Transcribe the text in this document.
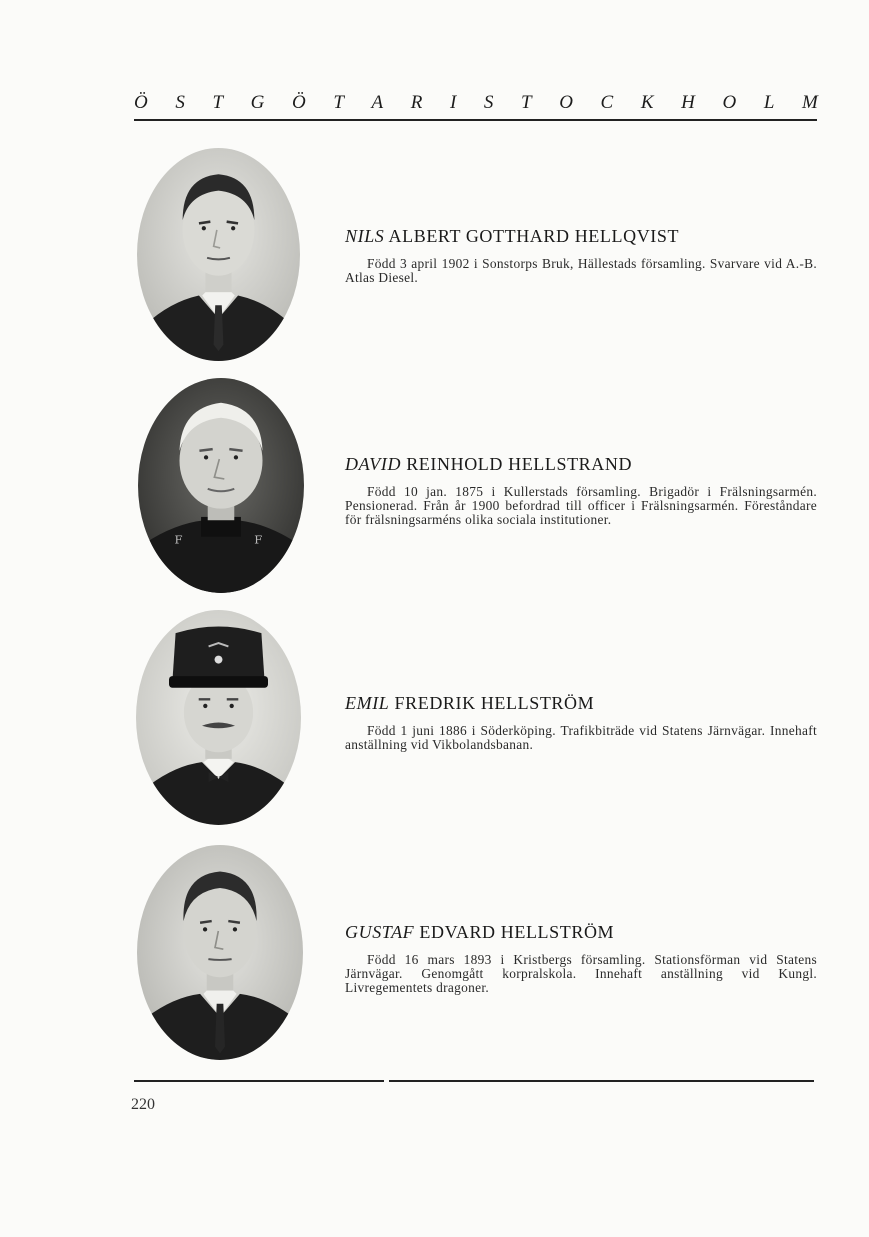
Ö S T G Ö T A R I S T O C K H O L M
NILS ALBERT GOTTHARD HELLQVIST

Född 3 april 1902 i Sonstorps Bruk, Hällestads församling. Svarvare vid A.-B. Atlas Diesel.

F	F
DAVID REINHOLD HELLSTRAND

Född 10 jan. 1875 i Kullerstads församling. Brigadör i Frälsningsarmén. Pensionerad. Från år 1900 befordrad till officer i Frälsningsarmén. Föreståndare för frälsningsarméns olika sociala institutioner.

EMIL FREDRIK HELLSTRÖM

Född 1 juni 1886 i Söderköping. Trafikbiträde vid Statens Järnvägar. Innehaft anställning vid Vikbolandsbanan.

GUSTAF EDVARD HELLSTRÖM

Född 16 mars 1893 i Kristbergs församling. Stationsförman vid Statens Järnvägar. Genomgått korpralskola. Innehaft anställning vid Kungl. Livregementets dragoner.

220
